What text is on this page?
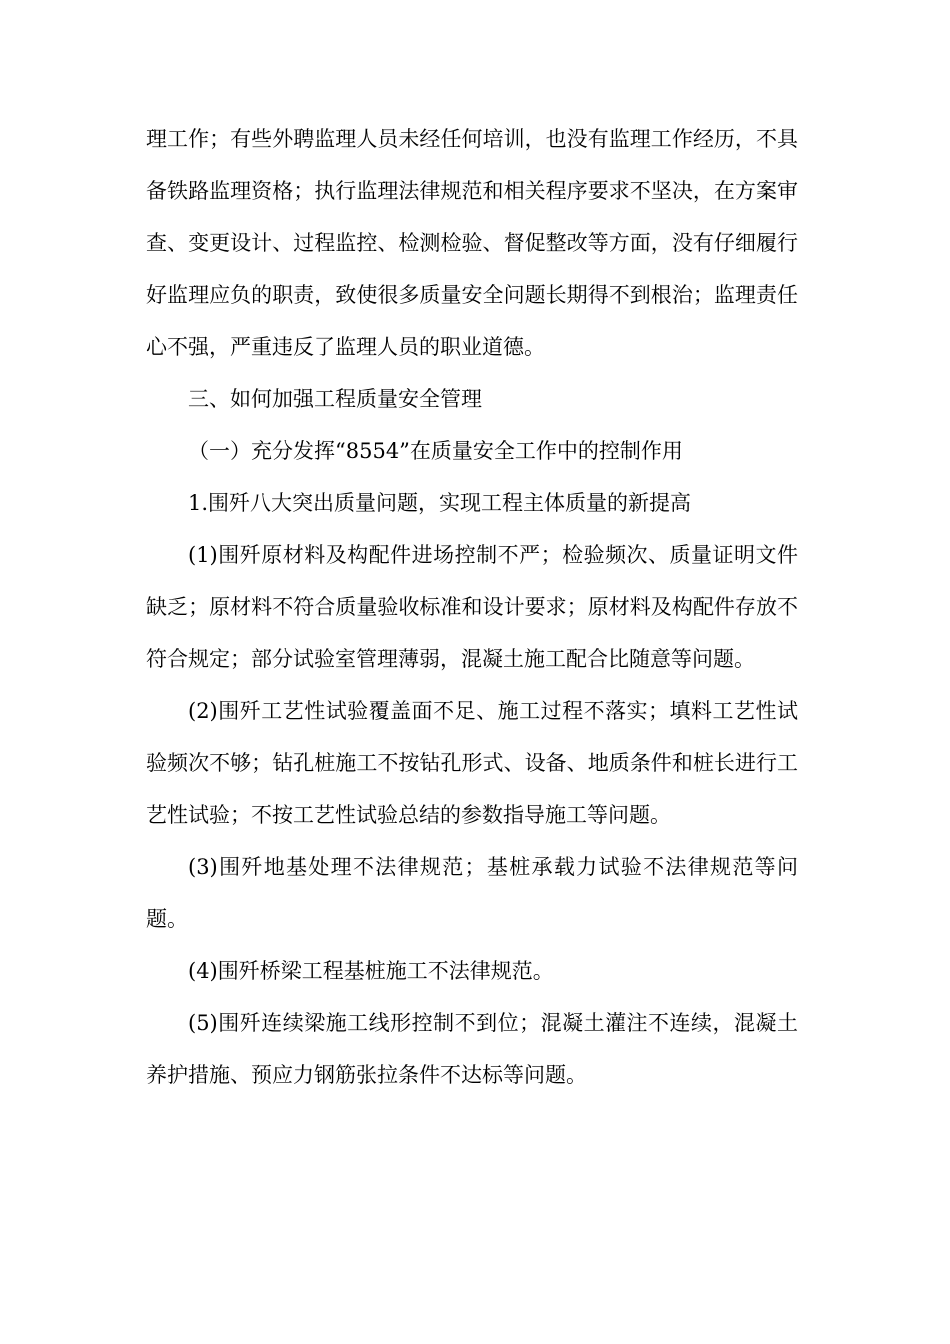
理工作；有些外聘监理人员未经任何培训，也没有监理工作经历，不具备铁路监理资格；执行监理法律规范和相关程序要求不坚决，在方案审查、变更设计、过程监控、检测检验、督促整改等方面，没有仔细履行好监理应负的职责，致使很多质量安全问题长期得不到根治；监理责任心不强，严重违反了监理人员的职业道德。

三、如何加强工程质量安全管理

（一）充分发挥“8554”在质量安全工作中的控制作用

1.围歼八大突出质量问题，实现工程主体质量的新提高

(1)围歼原材料及构配件进场控制不严；检验频次、质量证明文件缺乏；原材料不符合质量验收标准和设计要求；原材料及构配件存放不符合规定；部分试验室管理薄弱，混凝土施工配合比随意等问题。

(2)围歼工艺性试验覆盖面不足、施工过程不落实；填料工艺性试验频次不够；钻孔桩施工不按钻孔形式、设备、地质条件和桩长进行工艺性试验；不按工艺性试验总结的参数指导施工等问题。

(3)围歼地基处理不法律规范；基桩承载力试验不法律规范等问题。

(4)围歼桥梁工程基桩施工不法律规范。

(5)围歼连续梁施工线形控制不到位；混凝土灌注不连续，混凝土养护措施、预应力钢筋张拉条件不达标等问题。
